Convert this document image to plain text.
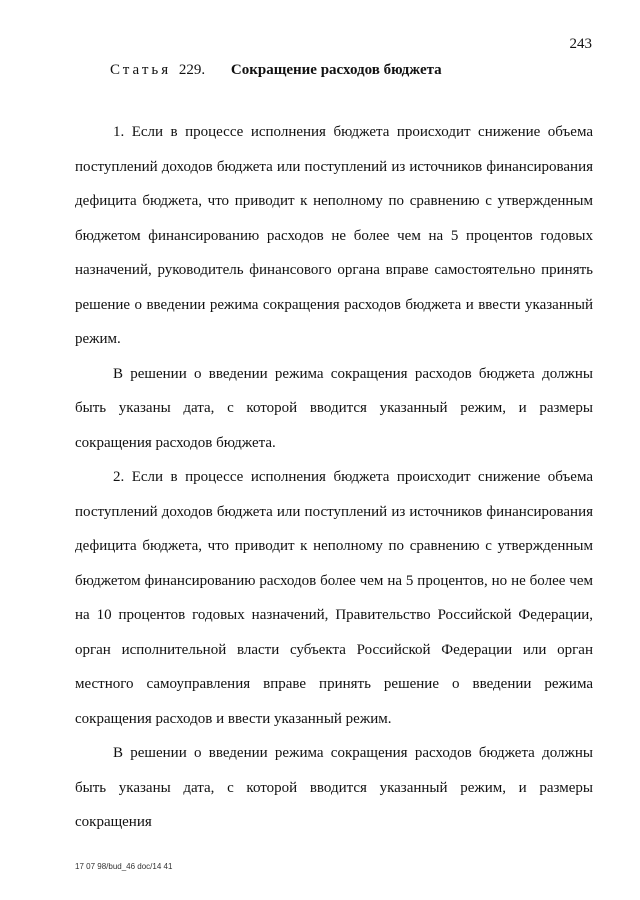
243
Статья 229. Сокращение расходов бюджета

1. Если в процессе исполнения бюджета происходит снижение объема поступлений доходов бюджета или поступлений из источников финансирования дефицита бюджета, что приводит к неполному по сравнению с утвержденным бюджетом финансированию расходов не более чем на 5 процентов годовых назначений, руководитель финансового органа вправе самостоятельно принять решение о введении режима сокращения расходов бюджета и ввести указанный режим.

В решении о введении режима сокращения расходов бюджета должны быть указаны дата, с которой вводится указанный режим, и размеры сокращения расходов бюджета.

2. Если в процессе исполнения бюджета происходит снижение объема поступлений доходов бюджета или поступлений из источников финансирования дефицита бюджета, что приводит к неполному по сравнению с утвержденным бюджетом финансированию расходов более чем на 5 процентов, но не более чем на 10 процентов годовых назначений, Правительство Российской Федерации, орган исполнительной власти субъекта Российской Федерации или орган местного самоуправления вправе принять решение о введении режима сокращения расходов и ввести указанный режим.

В решении о введении режима сокращения расходов бюджета должны быть указаны дата, с которой вводится указанный режим, и размеры сокращения

17 07 98/bud_46 doc/14 41
